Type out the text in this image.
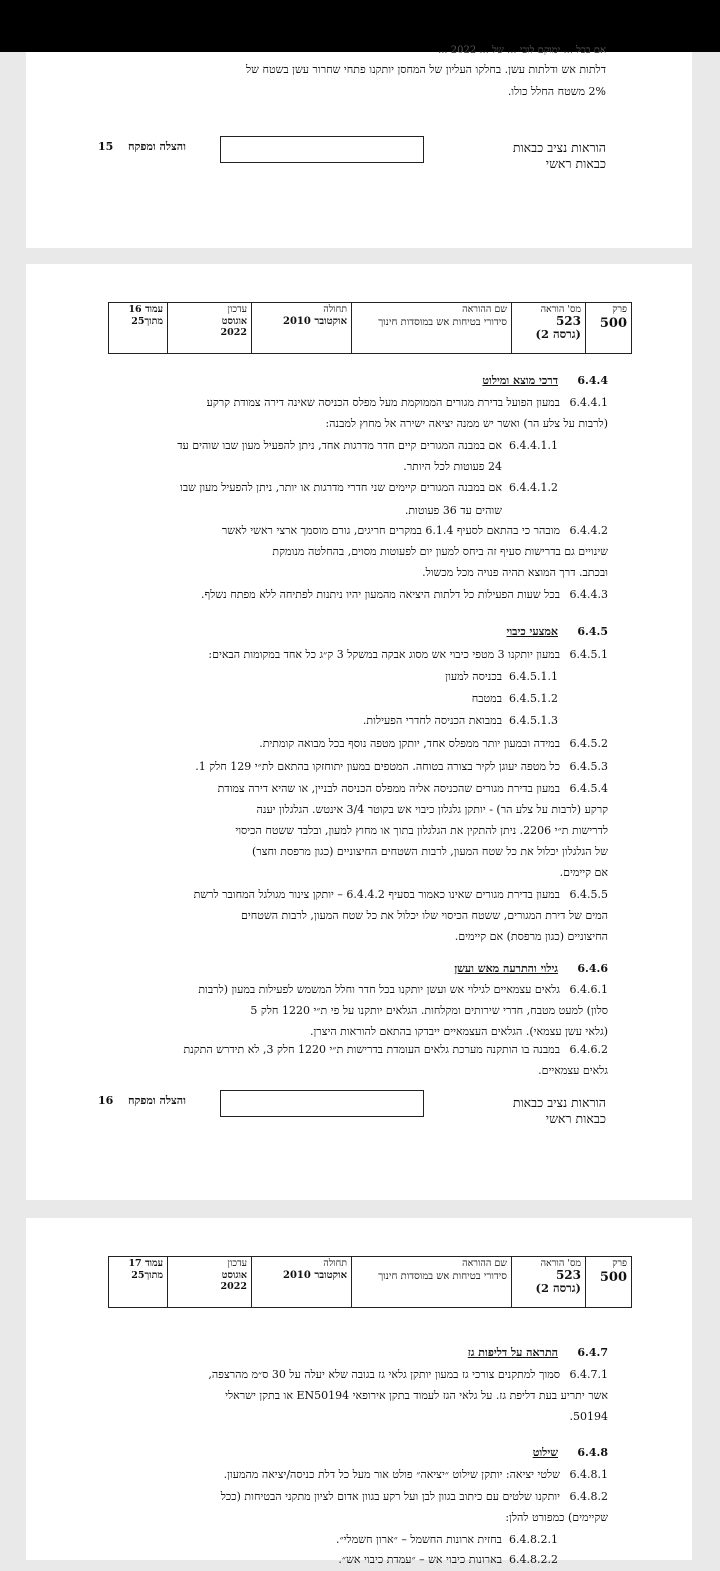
אם בכל ... ימוקם לובי ... של ... 2022 ...
דלתות אש ודלתות עשן. בחלקו העליון של המחסן יותקנו פתחי שחרור עשן בשטח של
2% משטח החלל כולו.
הוראות נציב כבאות
כבאות ראשי
והצלה ומפקח
15
פרק
500
מס' הוראה
523
(גרסה 2)
שם ההוראה
סידורי בטיחות אש במוסדות חינוך
תחולה
אוקטובר 2010
עדכון
אוגוסט
2022
עמוד 16
מתוך25
6.4.4
דרכי מוצא ומילוט
6.4.4.1
במעון הפועל בדירת מגורים הממוקמת מעל מפלס הכניסה שאינה דירה צמודת קרקע
(לרבות על צלע הר) ואשר יש ממנה יציאה ישירה אל מחוץ למבנה:
6.4.4.1.1
אם במבנה המגורים קיים חדר מדרגות אחד, ניתן להפעיל מעון שבו שוהים עד
24 פעוטות לכל היותר.
6.4.4.1.2
אם במבנה המגורים קיימים שני חדרי מדרגות או יותר, ניתן להפעיל מעון שבו
שוהים עד 36 פעוטות.
6.4.4.2
מובהר כי בהתאם לסעיף 6.1.4 במקרים חריגים, גורם מוסמך ארצי ראשי לאשר
שינויים גם בדרישות סעיף זה ביחס למעון יום לפעוטות מסוים, בהחלטה מנומקת
ובכתב. דרך המוצא תהיה פנויה מכל מכשול.
6.4.4.3
בכל שעות הפעילות כל דלתות היציאה מהמעון יהיו ניתנות לפתיחה ללא מפתח נשלף.
6.4.5
אמצעי כיבוי
6.4.5.1
במעון יותקנו 3 מטפי כיבוי אש מסוג אבקה במשקל 3 ק״ג כל אחד במקומות הבאים:
6.4.5.1.1
בכניסה למעון
6.4.5.1.2
במטבח
6.4.5.1.3
במבואת הכניסה לחדרי הפעילות.
6.4.5.2
במידה ובמעון יותר ממפלס אחד, יותקן מטפה נוסף בכל מבואה קומתית.
6.4.5.3
כל מטפה יעוגן לקיר בצורה בטוחה. המטפים במעון יתוחזקו בהתאם לת״י 129 חלק 1.
6.4.5.4
במעון בדירת מגורים שהכניסה אליה ממפלס הכניסה לבניין, או שהיא דירה צמודת
קרקע (לרבות על צלע הר) - יותקן גלגלון כיבוי אש בקוטר 3/4 אינטש. הגלגלון יענה
לדרישות ת״י 2206. ניתן להתקין את הגלגלון בתוך או מחוץ למעון, ובלבד ששטח הכיסוי
של הגלגלון יכלול את כל שטח המעון, לרבות השטחים החיצוניים (כגון מרפסת וחצר)
אם קיימים.
6.4.5.5
במעון בדירת מגורים שאינו כאמור בסעיף 6.4.4.2 – יותקן צינור מגולגל המחובר לרשת
המים של דירת המגורים, ששטח הכיסוי שלו יכלול את כל שטח המעון, לרבות השטחים
החיצוניים (כגון מרפסת) אם קיימים.
6.4.6
גילוי והתרעה מאש ועשן
6.4.6.1
גלאים עצמאיים לגילוי אש ועשן יותקנו בכל חדר וחלל המשמש לפעילות במעון (לרבות
סלון) למעט מטבח, חדרי שירותים ומקלחות. הגלאים יותקנו על פי ת״י 1220 חלק 5
(גלאי עשן עצמאי). הגלאים העצמאיים ייבדקו בהתאם להוראות היצרן.
6.4.6.2
במבנה בו הותקנה מערכת גלאים העומדת בדרישות ת״י 1220 חלק 3, לא תידרש התקנת
גלאים עצמאיים.
הוראות נציב כבאות
כבאות ראשי
והצלה ומפקח
16
פרק
500
מס' הוראה
523
(גרסה 2)
שם ההוראה
סידורי בטיחות אש במוסדות חינוך
תחולה
אוקטובר 2010
עדכון
אוגוסט
2022
עמוד 17
מתוך25
6.4.7
התראה על דליפות גז
6.4.7.1
סמוך למתקנים צורכי גז במעון יותקן גלאי גז בגובה שלא יעלה על 30 ס״מ מהרצפה,
אשר יתריע בעת דליפת גז. על גלאי הגז לעמוד בתקן אירופאי EN50194 או בתקן ישראלי
50194.
6.4.8
שילוט
6.4.8.1
שלטי יציאה: יותקן שילוט ״יציאה״ פולט אור מעל כל דלת כניסה/יציאה מהמעון.
6.4.8.2
יותקנו שלטים עם כיתוב בגוון לבן ועל רקע בגוון אדום לציון מתקני הבטיחות (ככל
שקיימים) כמפורט להלן:
6.4.8.2.1
בחזית ארונות החשמל – ״ארון חשמלי״.
6.4.8.2.2
בארונות כיבוי אש – ״עמדת כיבוי אש״.
